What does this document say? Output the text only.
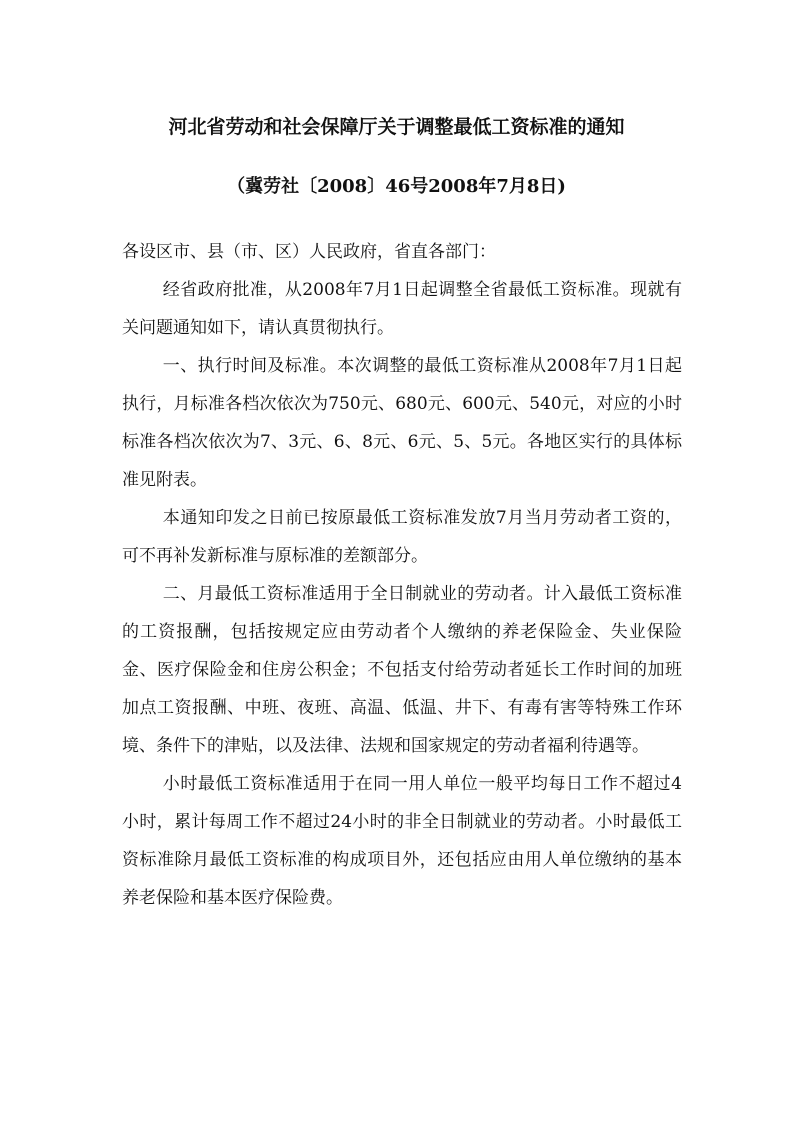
河北省劳动和社会保障厅关于调整最低工资标准的通知
（冀劳社〔2008〕46号2008年7月8日)

各设区市、县（市、区）人民政府，省直各部门：

经省政府批准，从2008年7月1日起调整全省最低工资标准。现就有关问题通知如下，请认真贯彻执行。

一、执行时间及标准。本次调整的最低工资标准从2008年7月1日起执行，月标准各档次依次为750元、680元、600元、540元，对应的小时标准各档次依次为7、3元、6、8元、6元、5、5元。各地区实行的具体标准见附表。

本通知印发之日前已按原最低工资标准发放7月当月劳动者工资的，可不再补发新标准与原标准的差额部分。

二、月最低工资标准适用于全日制就业的劳动者。计入最低工资标准的工资报酬，包括按规定应由劳动者个人缴纳的养老保险金、失业保险金、医疗保险金和住房公积金；不包括支付给劳动者延长工作时间的加班加点工资报酬、中班、夜班、高温、低温、井下、有毒有害等特殊工作环境、条件下的津贴，以及法律、法规和国家规定的劳动者福利待遇等。

小时最低工资标准适用于在同一用人单位一般平均每日工作不超过4小时，累计每周工作不超过24小时的非全日制就业的劳动者。小时最低工资标准除月最低工资标准的构成项目外，还包括应由用人单位缴纳的基本养老保险和基本医疗保险费。
